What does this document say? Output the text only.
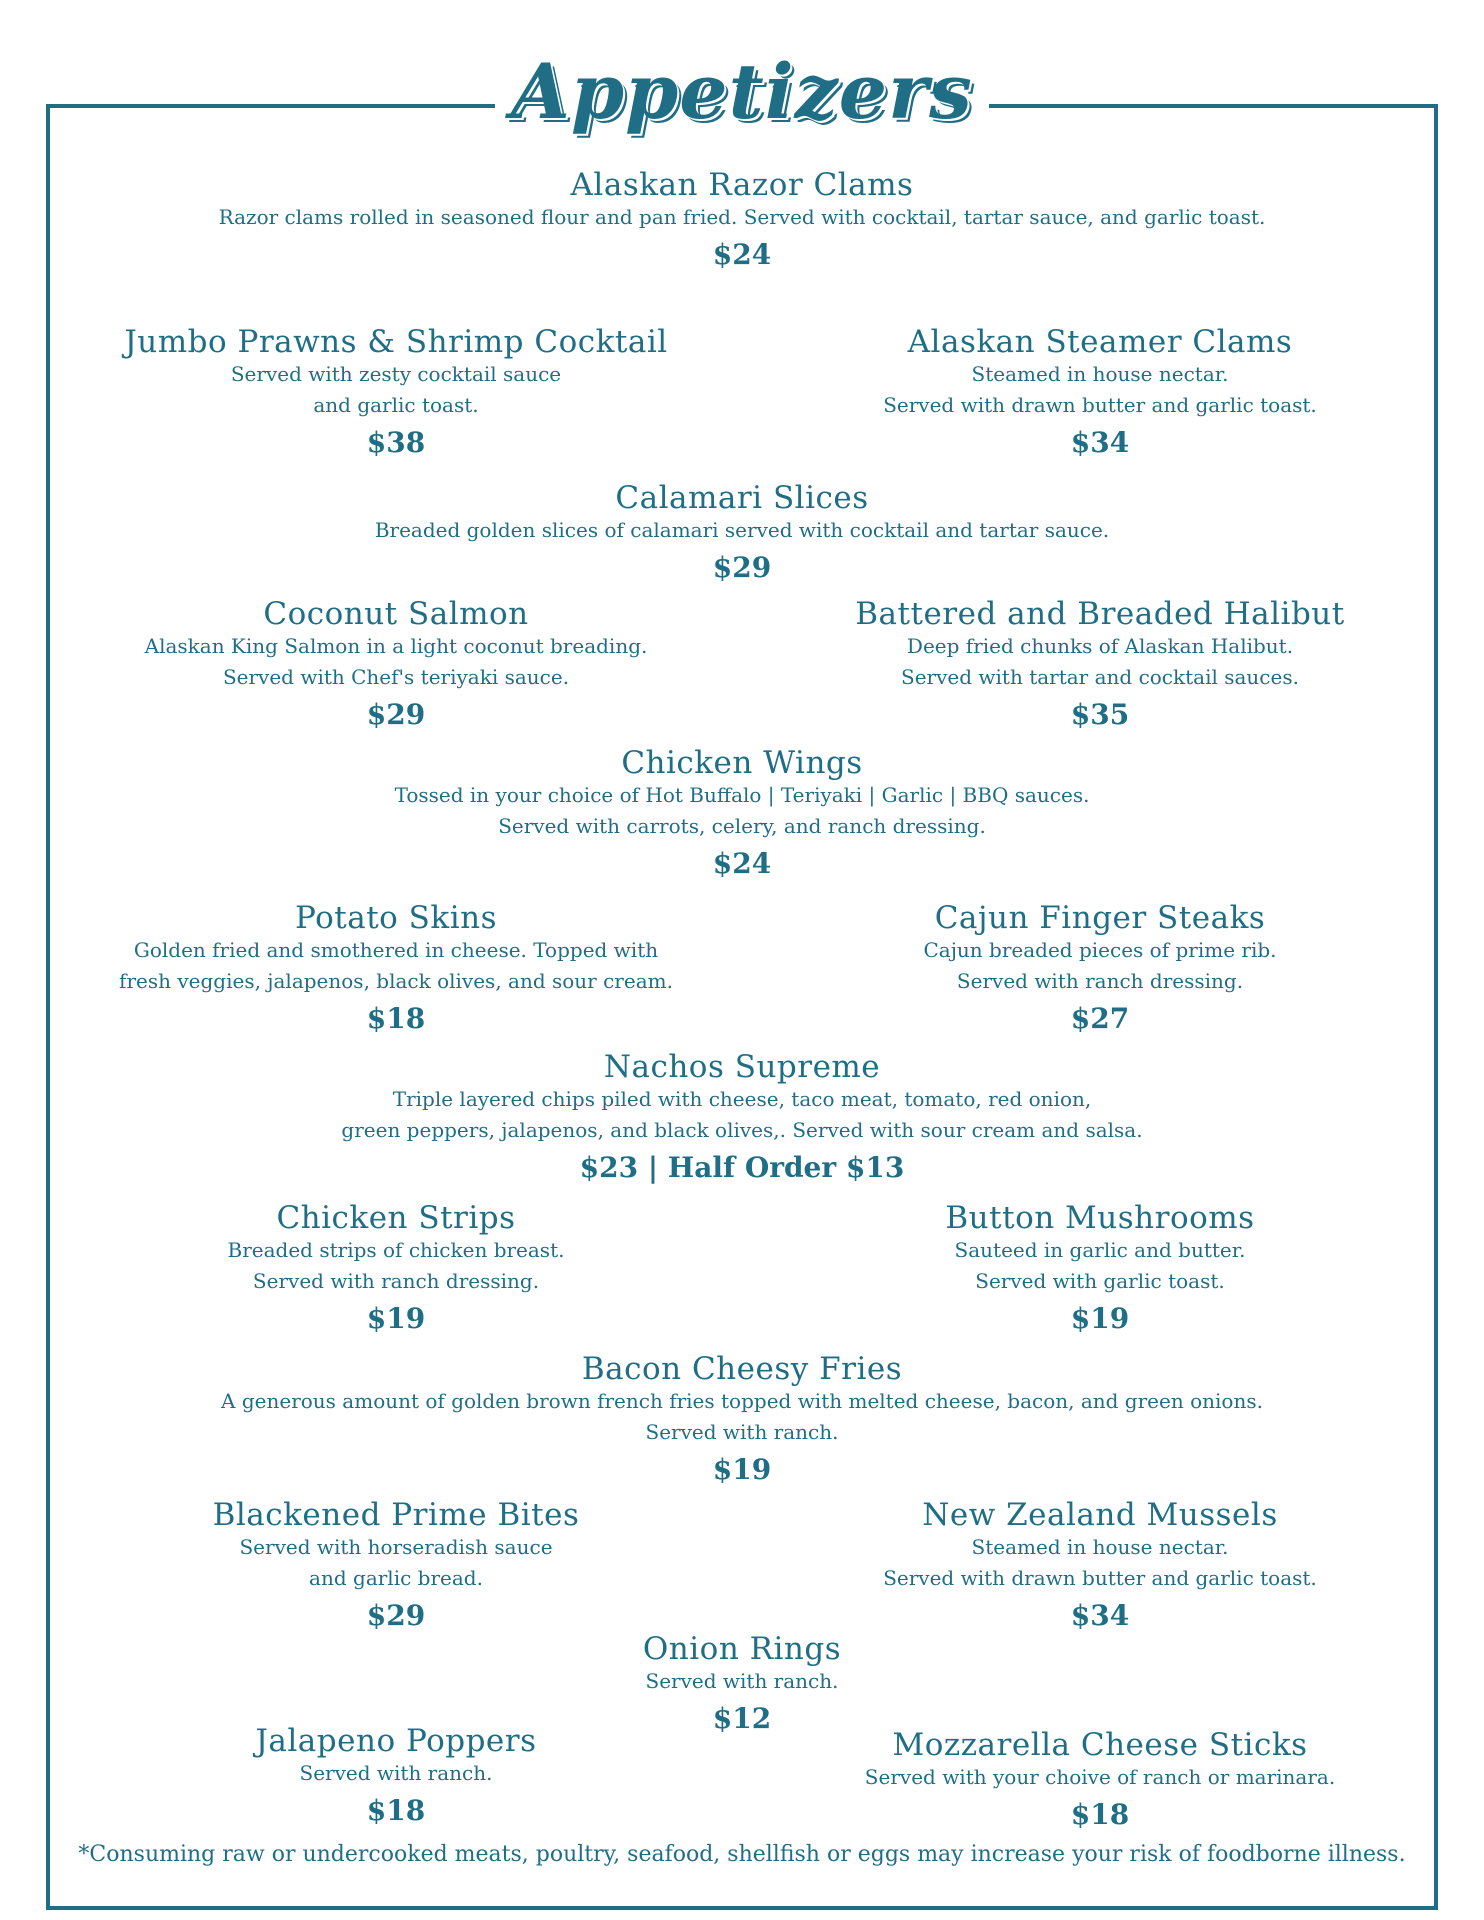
Appetizers
Alaskan Razor Clams
Razor clams rolled in seasoned flour and pan fried. Served with cocktail, tartar sauce, and garlic toast.
$24
Jumbo Prawns & Shrimp Cocktail
Served with zesty cocktail sauce
and garlic toast.
$38
Alaskan Steamer Clams
Steamed in house nectar.
Served with drawn butter and garlic toast.
$34
Calamari Slices
Breaded golden slices of calamari served with cocktail and tartar sauce.
$29
Coconut Salmon
Alaskan King Salmon in a light coconut breading.
Served with Chef's teriyaki sauce.
$29
Battered and Breaded Halibut
Deep fried chunks of Alaskan Halibut.
Served with tartar and cocktail sauces.
$35
Chicken Wings
Tossed in your choice of Hot Buffalo | Teriyaki | Garlic | BBQ sauces.
Served with carrots, celery, and ranch dressing.
$24
Potato Skins
Golden fried and smothered in cheese. Topped with
fresh veggies, jalapenos, black olives, and sour cream.
$18
Cajun Finger Steaks
Cajun breaded pieces of prime rib.
Served with ranch dressing.
$27
Nachos Supreme
Triple layered chips piled with cheese, taco meat, tomato, red onion,
green peppers, jalapenos, and black olives,. Served with sour cream and salsa.
$23 | Half Order $13
Chicken Strips
Breaded strips of chicken breast.
Served with ranch dressing.
$19
Button Mushrooms
Sauteed in garlic and butter.
Served with garlic toast.
$19
Bacon Cheesy Fries
A generous amount of golden brown french fries topped with melted cheese, bacon, and green onions.
Served with ranch.
$19
Blackened Prime Bites
Served with horseradish sauce
and garlic bread.
$29
New Zealand Mussels
Steamed in house nectar.
Served with drawn butter and garlic toast.
$34
Onion Rings
Served with ranch.
$12
Jalapeno Poppers
Served with ranch.
$18
Mozzarella Cheese Sticks
Served with your choive of ranch or marinara.
$18
*Consuming raw or undercooked meats, poultry, seafood, shellfish or eggs may increase your risk of foodborne illness.
